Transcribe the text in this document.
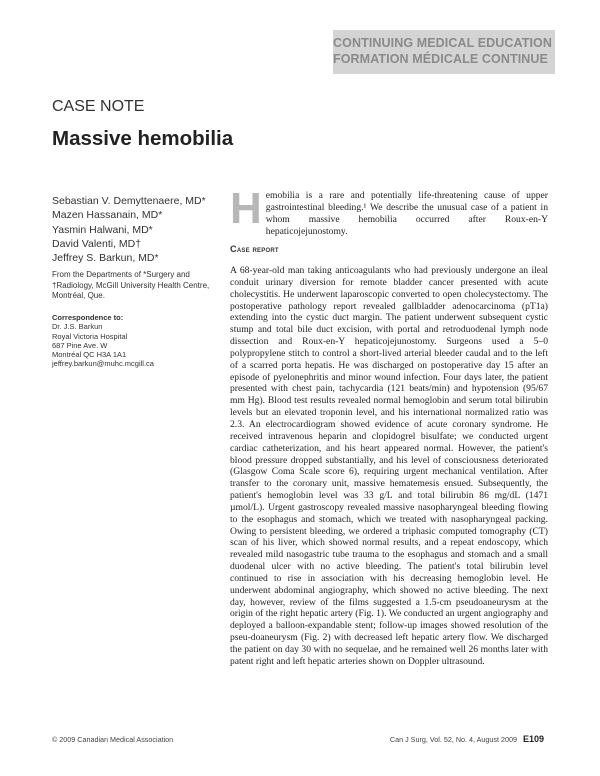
CONTINUING MEDICAL EDUCATION
FORMATION MÉDICALE CONTINUE
CASE NOTE
Massive hemobilia
Sebastian V. Demyttenaere, MD*
Mazen Hassanain, MD*
Yasmin Halwani, MD*
David Valenti, MD†
Jeffrey S. Barkun, MD*
From the Departments of *Surgery and †Radiology, McGill University Health Centre, Montréal, Que.
Correspondence to:
Dr. J.S. Barkun
Royal Victoria Hospital
687 Pine Ave. W
Montréal QC H3A 1A1
jeffrey.barkun@muhc.mcgill.ca
H emobilia is a rare and potentially life-threatening cause of upper gastrointestinal bleeding.¹ We describe the unusual case of a patient in whom massive hemobilia occurred after Roux-en-Y hepaticojejunostomy.
Case report
A 68-year-old man taking anticoagulants who had previously undergone an ileal conduit urinary diversion for remote bladder cancer presented with acute cholecystitis. He underwent laparoscopic converted to open cholecystectomy. The postoperative pathology report revealed gallbladder adenocarcinoma (pT1a) extending into the cystic duct margin. The patient underwent subsequent cystic stump and total bile duct excision, with portal and retroduodenal lymph node dissection and Roux-en-Y hepaticojejunostomy. Surgeons used a 5–0 polypropylene stitch to control a short-lived arterial bleeder caudal and to the left of a scarred porta hepatis. He was discharged on postoperative day 15 after an episode of pyelonephritis and minor wound infection. Four days later, the patient presented with chest pain, tachycardia (121 beats/min) and hypotension (95/67 mm Hg). Blood test results revealed normal hemoglobin and serum total bilirubin levels but an elevated troponin level, and his international normalized ratio was 2.3. An electrocardiogram showed evidence of acute coronary syndrome. He received intravenous heparin and clopidogrel bisulfate; we conducted urgent cardiac catheterization, and his heart appeared normal. However, the patient's blood pressure dropped substantially, and his level of consciousness deteriorated (Glasgow Coma Scale score 6), requiring urgent mechanical ventilation. After transfer to the coronary unit, massive hematemesis ensued. Subsequently, the patient's hemoglobin level was 33 g/L and total bilirubin 86 mg/dL (1471 µmol/L). Urgent gastroscopy revealed massive nasopharyngeal bleeding flowing to the esophagus and stomach, which we treated with nasopharyngeal packing. Owing to persistent bleeding, we ordered a triphasic computed tomography (CT) scan of his liver, which showed normal results, and a repeat endoscopy, which revealed mild nasogastric tube trauma to the esophagus and stomach and a small duodenal ulcer with no active bleeding. The patient's total bilirubin level continued to rise in association with his decreasing hemoglobin level. He underwent abdominal angiography, which showed no active bleeding. The next day, however, review of the films suggested a 1.5-cm pseudoaneurysm at the origin of the right hepatic artery (Fig. 1). We conducted an urgent angiography and deployed a balloon-expandable stent; follow-up images showed resolution of the pseu-doaneurysm (Fig. 2) with decreased left hepatic artery flow. We discharged the patient on day 30 with no sequelae, and he remained well 26 months later with patent right and left hepatic arteries shown on Doppler ultrasound.
© 2009 Canadian Medical Association	Can J Surg, Vol. 52, No. 4, August 2009 E109
